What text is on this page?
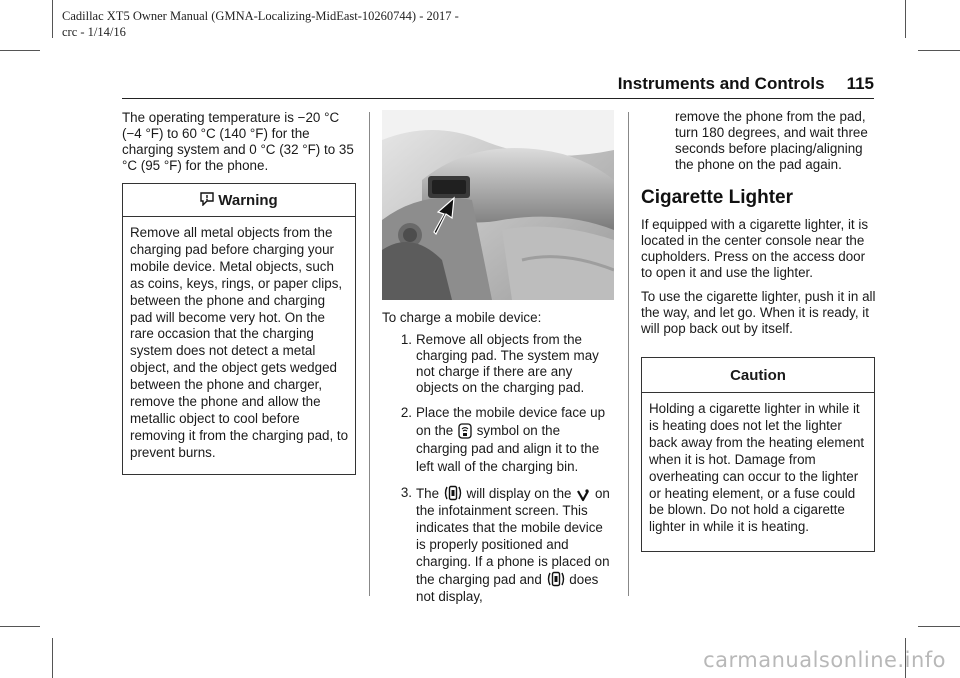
Cadillac XT5 Owner Manual (GMNA-Localizing-MidEast-10260744) - 2017 -
crc - 1/14/16
Instruments and Controls 115

The operating temperature is −20 °C (−4 °F) to 60 °C (140 °F) for the charging system and 0 °C (32 °F) to 35 °C (95 °F) for the phone.

Warning
Remove all metal objects from the charging pad before charging your mobile device. Metal objects, such as coins, keys, rings, or paper clips, between the phone and charging pad will become very hot. On the rare occasion that the charging system does not detect a metal object, and the object gets wedged between the phone and charger, remove the phone and allow the metallic object to cool before removing it from the charging pad, to prevent burns.

To charge a mobile device:

1. Remove all objects from the charging pad. The system may not charge if there are any objects on the charging pad.
2. Place the mobile device face up on the symbol on the charging pad and align it to the left wall of the charging bin.
3. The will display on the on the infotainment screen. This indicates that the mobile device is properly positioned and charging. If a phone is placed on the charging pad and does not display,

remove the phone from the pad, turn 180 degrees, and wait three seconds before placing/aligning the phone on the pad again.

Cigarette Lighter

If equipped with a cigarette lighter, it is located in the center console near the cupholders. Press on the access door to open it and use the lighter.

To use the cigarette lighter, push it in all the way, and let go. When it is ready, it will pop back out by itself.

Caution
Holding a cigarette lighter in while it is heating does not let the lighter back away from the heating element when it is hot. Damage from overheating can occur to the lighter or heating element, or a fuse could be blown. Do not hold a cigarette lighter in while it is heating.
carmanualsonline.info
